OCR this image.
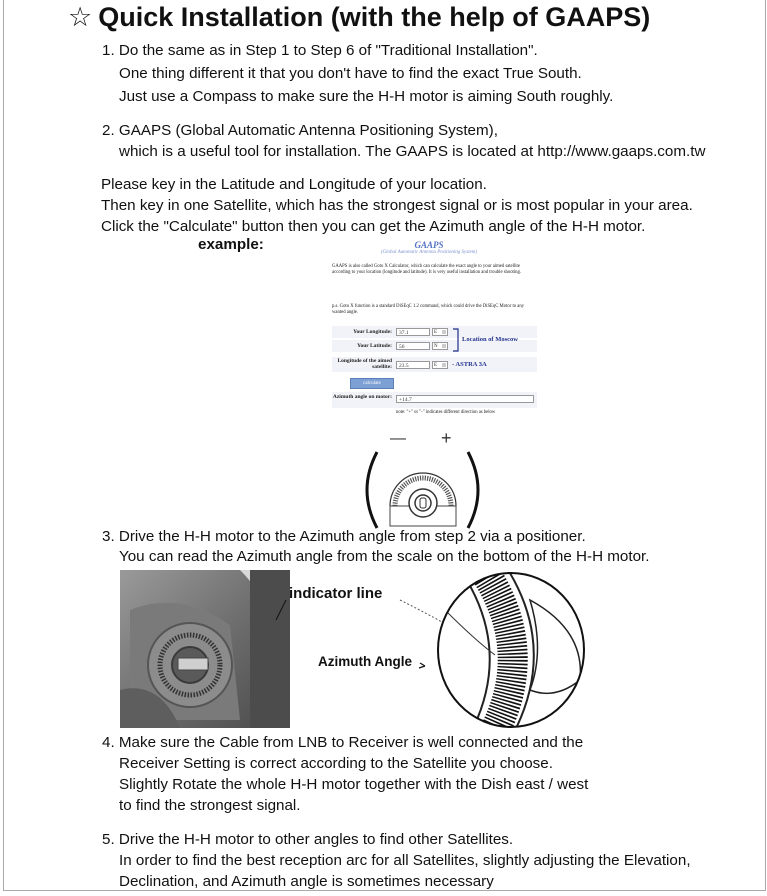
☆ Quick Installation (with the help of GAAPS)
1. Do the same as in Step 1 to Step 6 of "Traditional Installation".
One thing different it that you don't have to find the exact True South.
Just use a Compass to make sure the H-H motor is aiming South roughly.
2. GAAPS (Global Automatic Antenna Positioning System),
which is a useful tool for installation. The GAAPS is located at http://www.gaaps.com.tw
Please key in the Latitude and Longitude of your location.
Then key in one Satellite, which has the strongest signal or is most popular in your area.
Click the "Calculate" button then you can get the Azimuth angle of the H-H motor.
example:	GAAPS
(Global Automatic Antenna Positioning System)
GAAPS is also called Goto X Calculator, which can calculate the exact angle to your aimed satellite according to your location (longitude and latitude). It is very useful installation and trouble shooting.
p.s. Goto X function is a standard DiSEqC 1.2 command, which could drive the DiSEqC Motor to any wanted angle.
Your Longitude:	37.1	E
Your Latitude:	56	N
Location of Moscow
Longitude of the aimed satellite:	23.5	E	- ASTRA 3A
calculate
Azimuth angle on motor:	+14.7
note: "+" or "-" indicates different direction as below
— +
3. Drive the H-H motor to the Azimuth angle from step 2 via a positioner.
You can read the Azimuth angle from the scale on the bottom of the H-H motor.
indicator line
Azimuth Angle
4. Make sure the Cable from LNB to Receiver is well connected and the
Receiver Setting is correct according to the Satellite you choose.
Slightly Rotate the whole H-H motor together with the Dish east / west
to find the strongest signal.
5. Drive the H-H motor to other angles to find other Satellites.
In order to find the best reception arc for all Satellites, slightly adjusting the Elevation,
Declination, and Azimuth angle is sometimes necessary
